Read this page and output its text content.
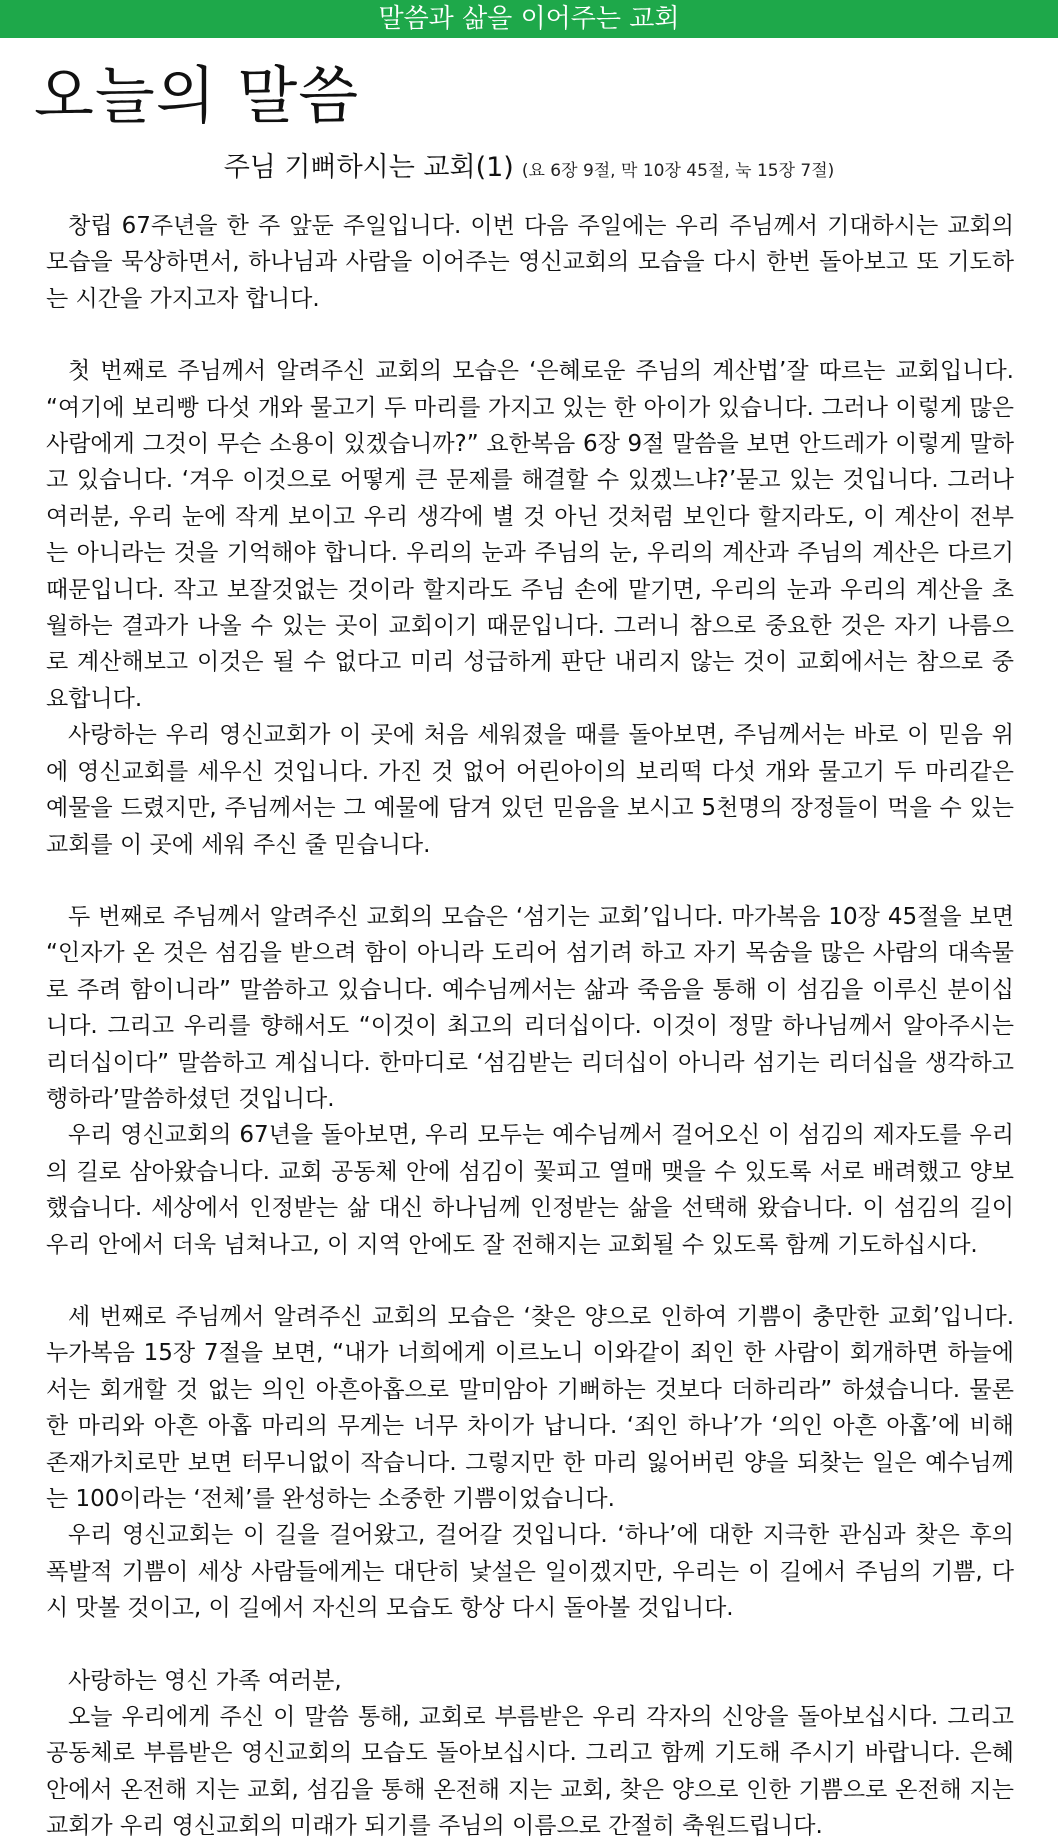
말씀과 삶을 이어주는 교회
오늘의 말씀
주님 기뻐하시는 교회(1) (요 6장 9절, 막 10장 45절, 눅 15장 7절)

창립 67주년을 한 주 앞둔 주일입니다. 이번 다음 주일에는 우리 주님께서 기대하시는 교회의 모습을 묵상하면서, 하나님과 사람을 이어주는 영신교회의 모습을 다시 한번 돌아보고 또 기도하는 시간을 가지고자 합니다.

첫 번째로 주님께서 알려주신 교회의 모습은 ‘은혜로운 주님의 계산법’잘 따르는 교회입니다. “여기에 보리빵 다섯 개와 물고기 두 마리를 가지고 있는 한 아이가 있습니다. 그러나 이렇게 많은 사람에게 그것이 무슨 소용이 있겠습니까?” 요한복음 6장 9절 말씀을 보면 안드레가 이렇게 말하고 있습니다. ‘겨우 이것으로 어떻게 큰 문제를 해결할 수 있겠느냐?’묻고 있는 것입니다. 그러나 여러분, 우리 눈에 작게 보이고 우리 생각에 별 것 아닌 것처럼 보인다 할지라도, 이 계산이 전부는 아니라는 것을 기억해야 합니다. 우리의 눈과 주님의 눈, 우리의 계산과 주님의 계산은 다르기 때문입니다. 작고 보잘것없는 것이라 할지라도 주님 손에 맡기면, 우리의 눈과 우리의 계산을 초월하는 결과가 나올 수 있는 곳이 교회이기 때문입니다. 그러니 참으로 중요한 것은 자기 나름으로 계산해보고 이것은 될 수 없다고 미리 성급하게 판단 내리지 않는 것이 교회에서는 참으로 중요합니다.

사랑하는 우리 영신교회가 이 곳에 처음 세워졌을 때를 돌아보면, 주님께서는 바로 이 믿음 위에 영신교회를 세우신 것입니다. 가진 것 없어 어린아이의 보리떡 다섯 개와 물고기 두 마리같은 예물을 드렸지만, 주님께서는 그 예물에 담겨 있던 믿음을 보시고 5천명의 장정들이 먹을 수 있는 교회를 이 곳에 세워 주신 줄 믿습니다.

두 번째로 주님께서 알려주신 교회의 모습은 ‘섬기는 교회’입니다. 마가복음 10장 45절을 보면 “인자가 온 것은 섬김을 받으려 함이 아니라 도리어 섬기려 하고 자기 목숨을 많은 사람의 대속물로 주려 함이니라” 말씀하고 있습니다. 예수님께서는 삶과 죽음을 통해 이 섬김을 이루신 분이십니다. 그리고 우리를 향해서도 “이것이 최고의 리더십이다. 이것이 정말 하나님께서 알아주시는 리더십이다” 말씀하고 계십니다. 한마디로 ‘섬김받는 리더십이 아니라 섬기는 리더십을 생각하고 행하라’말씀하셨던 것입니다.

우리 영신교회의 67년을 돌아보면, 우리 모두는 예수님께서 걸어오신 이 섬김의 제자도를 우리의 길로 삼아왔습니다. 교회 공동체 안에 섬김이 꽃피고 열매 맺을 수 있도록 서로 배려했고 양보했습니다. 세상에서 인정받는 삶 대신 하나님께 인정받는 삶을 선택해 왔습니다. 이 섬김의 길이 우리 안에서 더욱 넘쳐나고, 이 지역 안에도 잘 전해지는 교회될 수 있도록 함께 기도하십시다.

세 번째로 주님께서 알려주신 교회의 모습은 ‘찾은 양으로 인하여 기쁨이 충만한 교회’입니다. 누가복음 15장 7절을 보면, “내가 너희에게 이르노니 이와같이 죄인 한 사람이 회개하면 하늘에서는 회개할 것 없는 의인 아흔아홉으로 말미암아 기뻐하는 것보다 더하리라” 하셨습니다. 물론 한 마리와 아흔 아홉 마리의 무게는 너무 차이가 납니다. ‘죄인 하나’가 ‘의인 아흔 아홉’에 비해 존재가치로만 보면 터무니없이 작습니다. 그렇지만 한 마리 잃어버린 양을 되찾는 일은 예수님께는 100이라는 ‘전체’를 완성하는 소중한 기쁨이었습니다.

우리 영신교회는 이 길을 걸어왔고, 걸어갈 것입니다. ‘하나’에 대한 지극한 관심과 찾은 후의 폭발적 기쁨이 세상 사람들에게는 대단히 낯설은 일이겠지만, 우리는 이 길에서 주님의 기쁨, 다시 맛볼 것이고, 이 길에서 자신의 모습도 항상 다시 돌아볼 것입니다.

사랑하는 영신 가족 여러분,

오늘 우리에게 주신 이 말씀 통해, 교회로 부름받은 우리 각자의 신앙을 돌아보십시다. 그리고 공동체로 부름받은 영신교회의 모습도 돌아보십시다. 그리고 함께 기도해 주시기 바랍니다. 은혜 안에서 온전해 지는 교회, 섬김을 통해 온전해 지는 교회, 찾은 양으로 인한 기쁨으로 온전해 지는 교회가 우리 영신교회의 미래가 되기를 주님의 이름으로 간절히 축원드립니다.
